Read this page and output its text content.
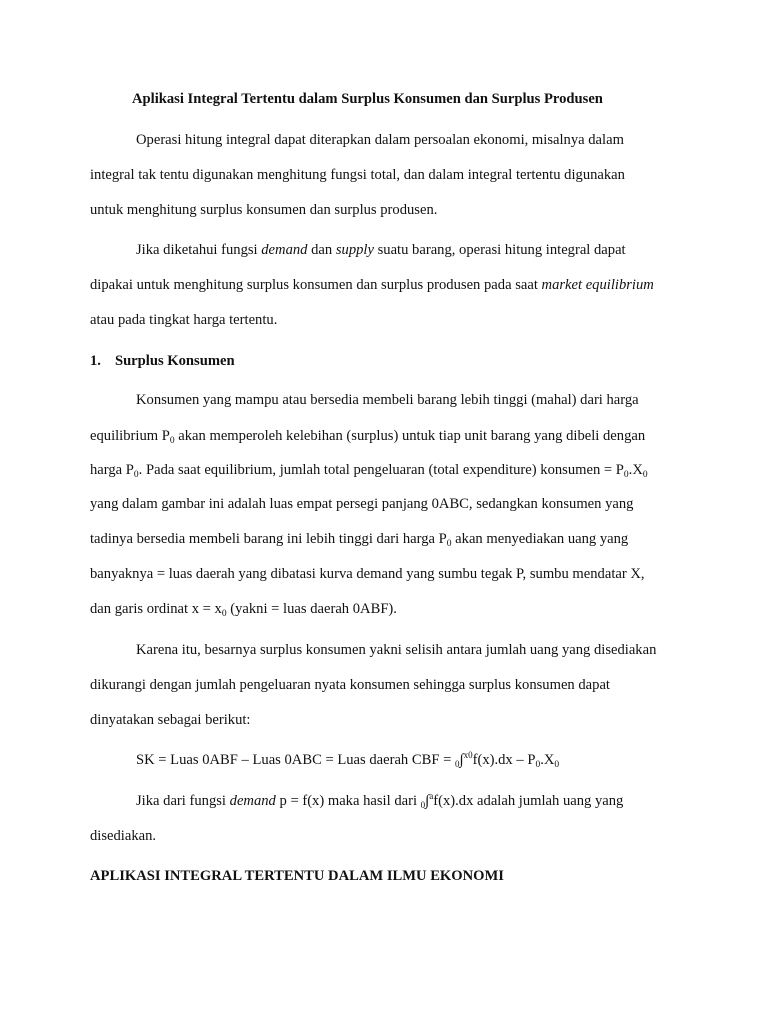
Aplikasi Integral Tertentu dalam Surplus Konsumen dan Surplus Produsen
Operasi hitung integral dapat diterapkan dalam persoalan ekonomi, misalnya dalam
integral tak tentu digunakan menghitung fungsi total, dan dalam integral tertentu digunakan
untuk menghitung surplus konsumen dan surplus produsen.
Jika diketahui fungsi demand dan supply suatu barang, operasi hitung integral dapat
dipakai untuk menghitung surplus konsumen dan surplus produsen pada saat market equilibrium
atau pada tingkat harga tertentu.
1. Surplus Konsumen
Konsumen yang mampu atau bersedia membeli barang lebih tinggi (mahal) dari harga
equilibrium $P_0$ akan memperoleh kelebihan (surplus) untuk tiap unit barang yang dibeli dengan
harga $P_0$. Pada saat equilibrium, jumlah total pengeluaran (total expenditure) konsumen = $P_0.X_0$
yang dalam gambar ini adalah luas empat persegi panjang 0ABC, sedangkan konsumen yang
tadinya bersedia membeli barang ini lebih tinggi dari harga $P_0$ akan menyediakan uang yang
banyaknya = luas daerah yang dibatasi kurva demand yang sumbu tegak P, sumbu mendatar X,
dan garis ordinat $x = x_0$ (yakni = luas daerah 0ABF).
Karena itu, besarnya surplus konsumen yakni selisih antara jumlah uang yang disediakan
dikurangi dengan jumlah pengeluaran nyata konsumen sehingga surplus konsumen dapat
dinyatakan sebagai berikut:
SK = Luas 0ABF – Luas 0ABC = Luas daerah CBF = $_0\int^{x0}f(x).dx - P_0.X_0$
Jika dari fungsi demand p = f(x) maka hasil dari $_0$∫$^a$f(x).dx adalah jumlah uang yang
disediakan.
APLIKASI INTEGRAL TERTENTU DALAM ILMU EKONOMI
